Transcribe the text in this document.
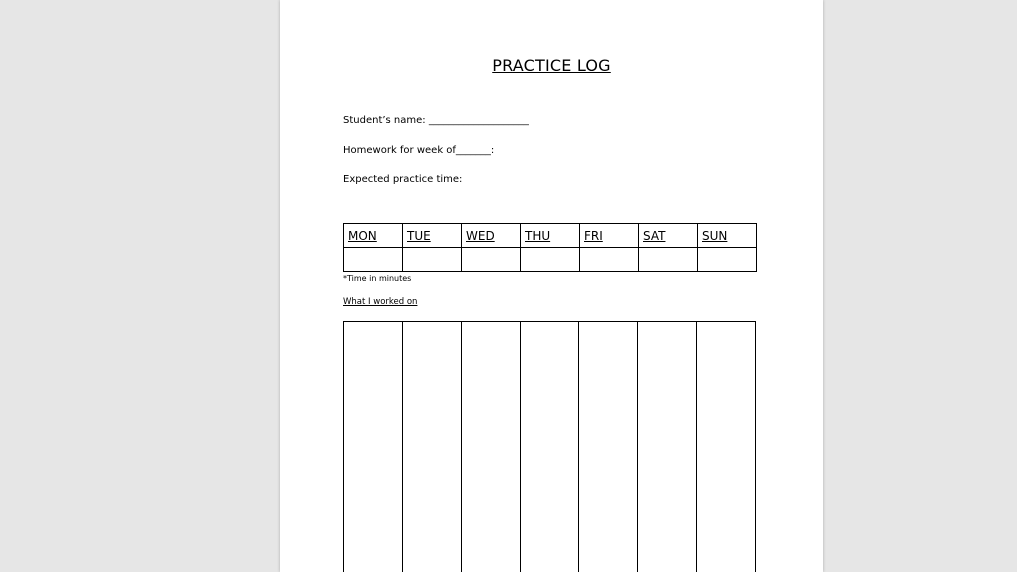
PRACTICE LOG
Student’s name: ____________________
Homework for week of_______:
Expected practice time:
MON	TUE	WED	THU	FRI	SAT	SUN

*Time in minutes
What I worked on
